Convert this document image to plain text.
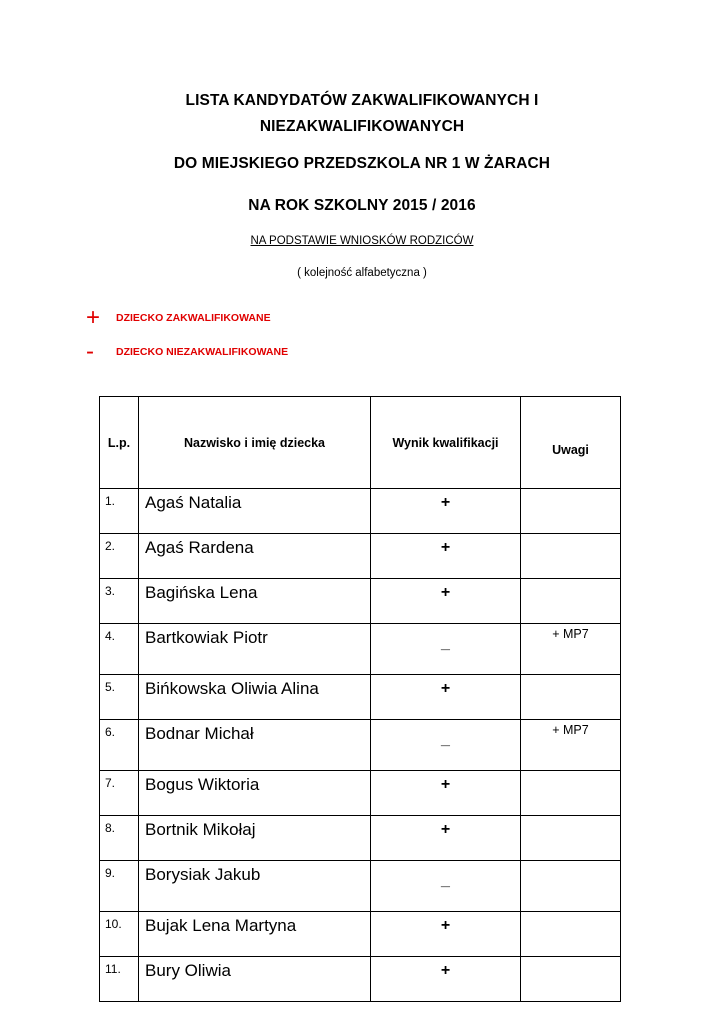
LISTA KANDYDATÓW ZAKWALIFIKOWANYCH I
NIEZAKWALIFIKOWANYCH
DO MIEJSKIEGO PRZEDSZKOLA NR 1 W ŻARACH
NA ROK SZKOLNY 2015 / 2016
NA PODSTAWIE WNIOSKÓW RODZICÓW
( kolejność alfabetyczna )
+	DZIECKO ZAKWALIFIKOWANE
-	DZIECKO NIEZAKWALIFIKOWANE
L.p.	Nazwisko i imię dziecka	Wynik kwalifikacji	Uwagi
1.	Agaś Natalia	+	
2.	Agaś Rardena	+	
3.	Bagińska Lena	+	
4.	Bartkowiak Piotr	_	+ MP7
5.	Bińkowska Oliwia Alina	+	
6.	Bodnar Michał	_	+ MP7
7.	Bogus Wiktoria	+	
8.	Bortnik Mikołaj	+	
9.	Borysiak Jakub	_	
10.	Bujak Lena Martyna	+	
11.	Bury Oliwia	+	
